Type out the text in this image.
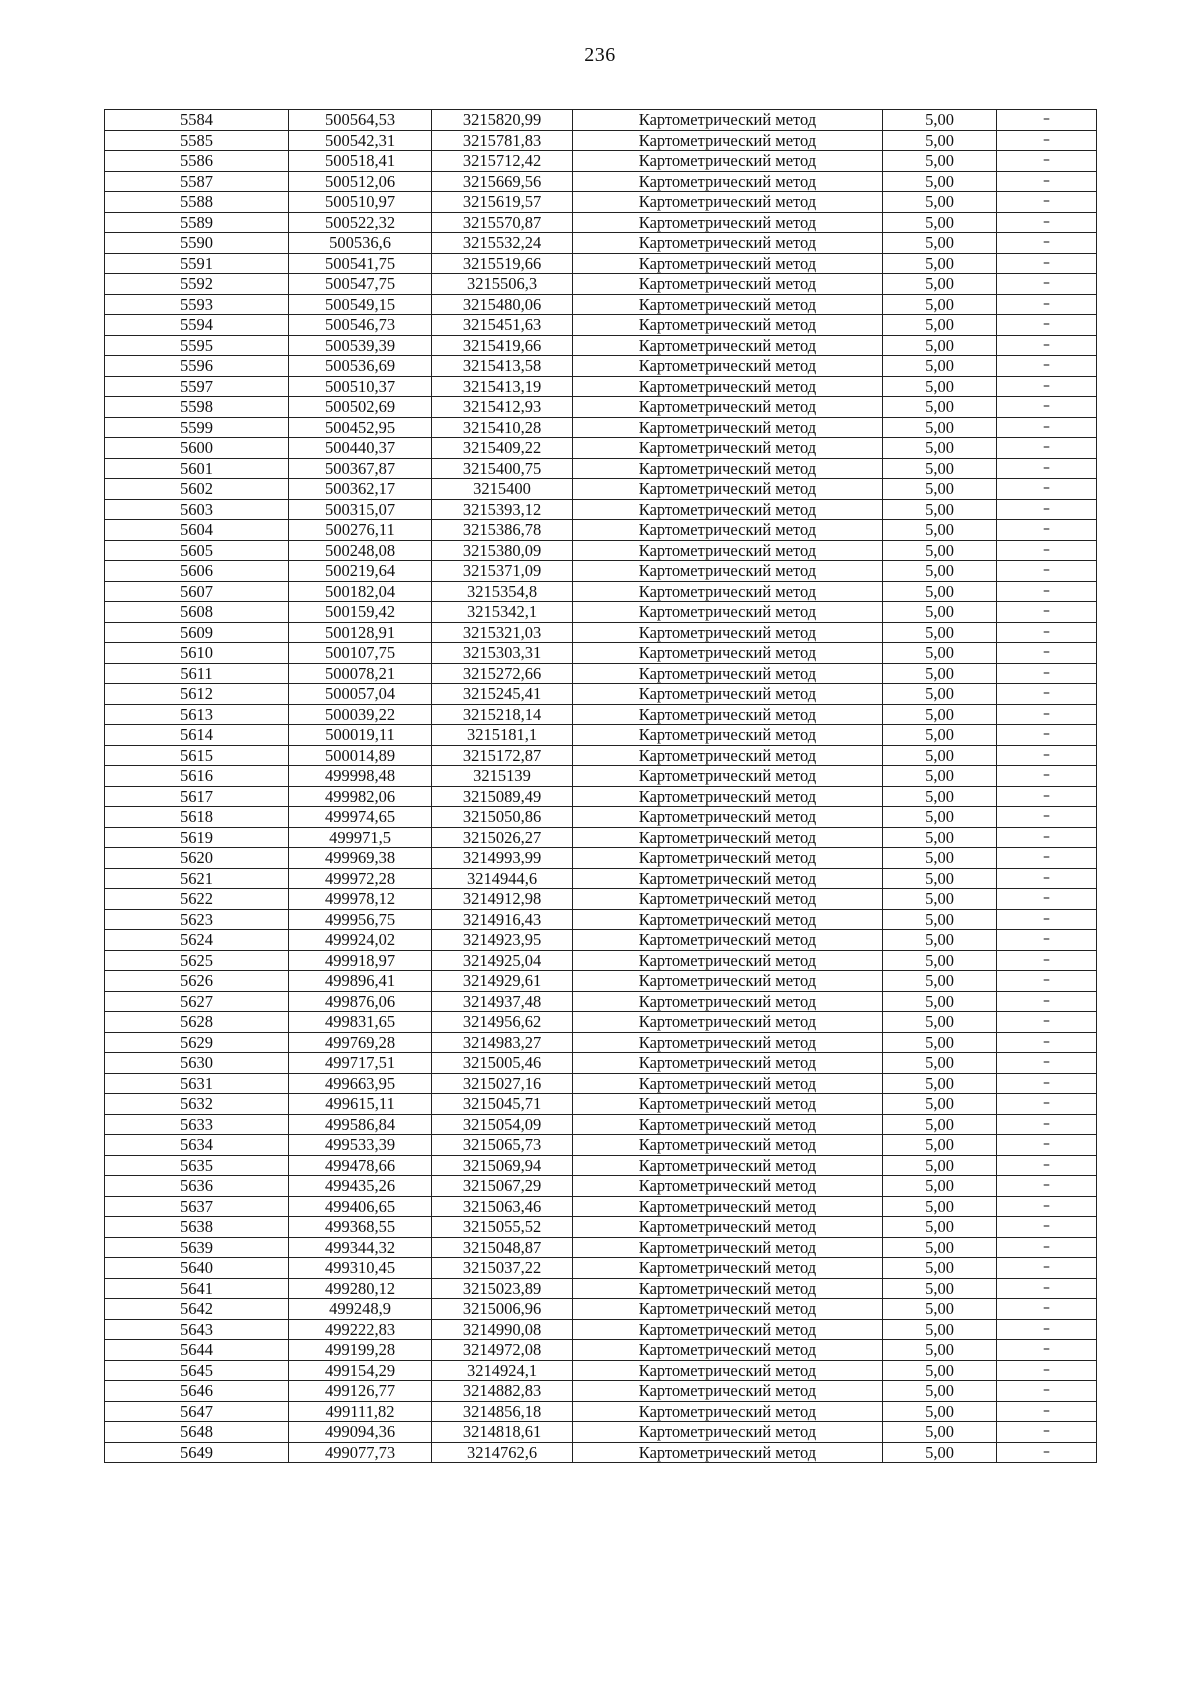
236
5584	500564,53	3215820,99	Картометрический метод	5,00	–
5585	500542,31	3215781,83	Картометрический метод	5,00	–
5586	500518,41	3215712,42	Картометрический метод	5,00	–
5587	500512,06	3215669,56	Картометрический метод	5,00	–
5588	500510,97	3215619,57	Картометрический метод	5,00	–
5589	500522,32	3215570,87	Картометрический метод	5,00	–
5590	500536,6	3215532,24	Картометрический метод	5,00	–
5591	500541,75	3215519,66	Картометрический метод	5,00	–
5592	500547,75	3215506,3	Картометрический метод	5,00	–
5593	500549,15	3215480,06	Картометрический метод	5,00	–
5594	500546,73	3215451,63	Картометрический метод	5,00	–
5595	500539,39	3215419,66	Картометрический метод	5,00	–
5596	500536,69	3215413,58	Картометрический метод	5,00	–
5597	500510,37	3215413,19	Картометрический метод	5,00	–
5598	500502,69	3215412,93	Картометрический метод	5,00	–
5599	500452,95	3215410,28	Картометрический метод	5,00	–
5600	500440,37	3215409,22	Картометрический метод	5,00	–
5601	500367,87	3215400,75	Картометрический метод	5,00	–
5602	500362,17	3215400	Картометрический метод	5,00	–
5603	500315,07	3215393,12	Картометрический метод	5,00	–
5604	500276,11	3215386,78	Картометрический метод	5,00	–
5605	500248,08	3215380,09	Картометрический метод	5,00	–
5606	500219,64	3215371,09	Картометрический метод	5,00	–
5607	500182,04	3215354,8	Картометрический метод	5,00	–
5608	500159,42	3215342,1	Картометрический метод	5,00	–
5609	500128,91	3215321,03	Картометрический метод	5,00	–
5610	500107,75	3215303,31	Картометрический метод	5,00	–
5611	500078,21	3215272,66	Картометрический метод	5,00	–
5612	500057,04	3215245,41	Картометрический метод	5,00	–
5613	500039,22	3215218,14	Картометрический метод	5,00	–
5614	500019,11	3215181,1	Картометрический метод	5,00	–
5615	500014,89	3215172,87	Картометрический метод	5,00	–
5616	499998,48	3215139	Картометрический метод	5,00	–
5617	499982,06	3215089,49	Картометрический метод	5,00	–
5618	499974,65	3215050,86	Картометрический метод	5,00	–
5619	499971,5	3215026,27	Картометрический метод	5,00	–
5620	499969,38	3214993,99	Картометрический метод	5,00	–
5621	499972,28	3214944,6	Картометрический метод	5,00	–
5622	499978,12	3214912,98	Картометрический метод	5,00	–
5623	499956,75	3214916,43	Картометрический метод	5,00	–
5624	499924,02	3214923,95	Картометрический метод	5,00	–
5625	499918,97	3214925,04	Картометрический метод	5,00	–
5626	499896,41	3214929,61	Картометрический метод	5,00	–
5627	499876,06	3214937,48	Картометрический метод	5,00	–
5628	499831,65	3214956,62	Картометрический метод	5,00	–
5629	499769,28	3214983,27	Картометрический метод	5,00	–
5630	499717,51	3215005,46	Картометрический метод	5,00	–
5631	499663,95	3215027,16	Картометрический метод	5,00	–
5632	499615,11	3215045,71	Картометрический метод	5,00	–
5633	499586,84	3215054,09	Картометрический метод	5,00	–
5634	499533,39	3215065,73	Картометрический метод	5,00	–
5635	499478,66	3215069,94	Картометрический метод	5,00	–
5636	499435,26	3215067,29	Картометрический метод	5,00	–
5637	499406,65	3215063,46	Картометрический метод	5,00	–
5638	499368,55	3215055,52	Картометрический метод	5,00	–
5639	499344,32	3215048,87	Картометрический метод	5,00	–
5640	499310,45	3215037,22	Картометрический метод	5,00	–
5641	499280,12	3215023,89	Картометрический метод	5,00	–
5642	499248,9	3215006,96	Картометрический метод	5,00	–
5643	499222,83	3214990,08	Картометрический метод	5,00	–
5644	499199,28	3214972,08	Картометрический метод	5,00	–
5645	499154,29	3214924,1	Картометрический метод	5,00	–
5646	499126,77	3214882,83	Картометрический метод	5,00	–
5647	499111,82	3214856,18	Картометрический метод	5,00	–
5648	499094,36	3214818,61	Картометрический метод	5,00	–
5649	499077,73	3214762,6	Картометрический метод	5,00	–
